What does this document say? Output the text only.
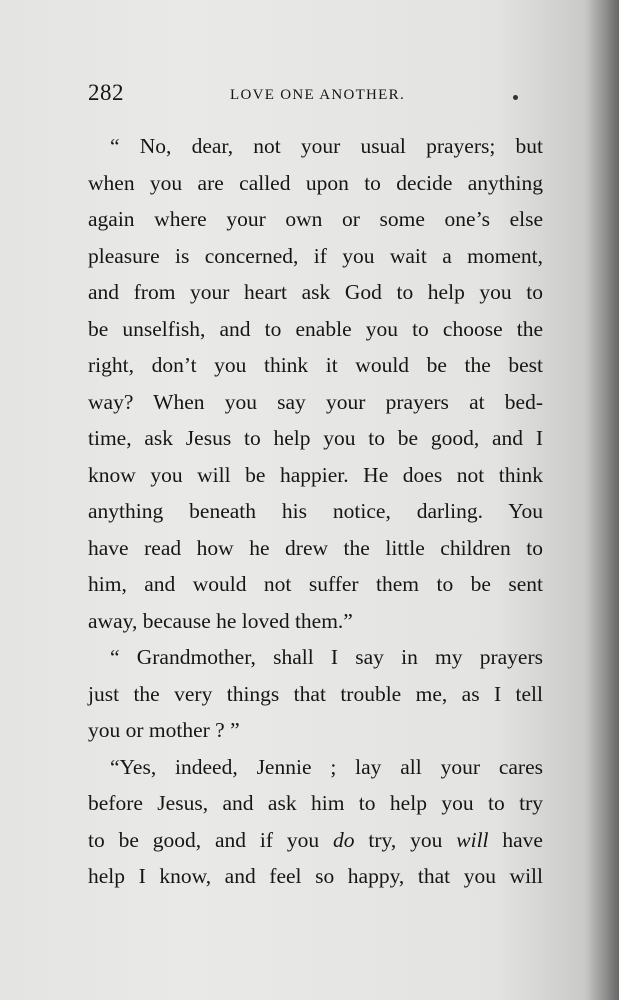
282	LOVE ONE ANOTHER.
“ No, dear, not your usual prayers; but
when you are called upon to decide anything
again where your own or some one’s else
pleasure is concerned, if you wait a moment,
and from your heart ask God to help you to
be unselfish, and to enable you to choose the
right, don’t you think it would be the best
way? When you say your prayers at bed-
time, ask Jesus to help you to be good, and I
know you will be happier. He does not think
anything beneath his notice, darling. You
have read how he drew the little children to
him, and would not suffer them to be sent
away, because he loved them.”
“ Grandmother, shall I say in my prayers
just the very things that trouble me, as I tell
you or mother ? ”
“Yes, indeed, Jennie ; lay all your cares
before Jesus, and ask him to help you to try
to be good, and if you do try, you will have
help I know, and feel so happy, that you will
